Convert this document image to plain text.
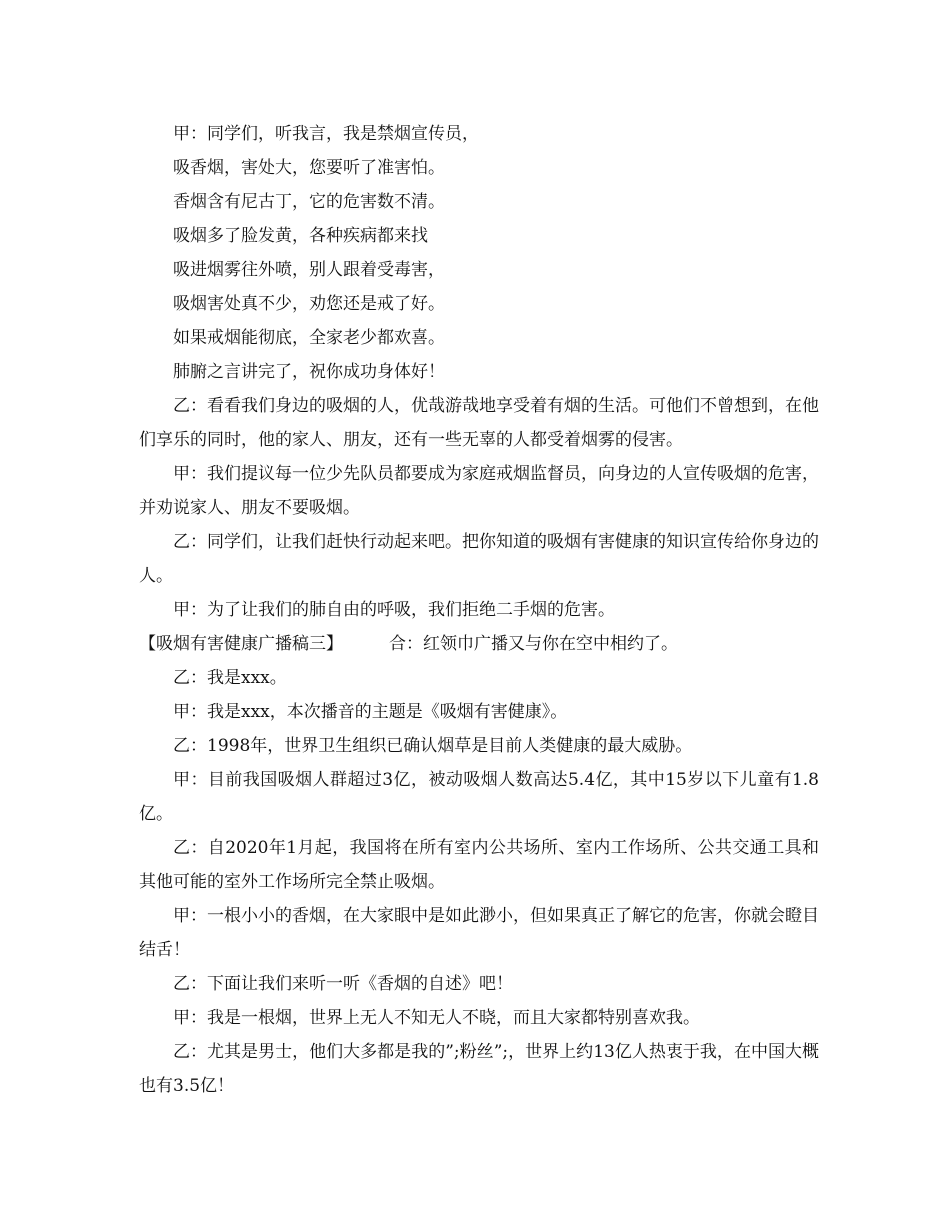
甲：同学们，听我言，我是禁烟宣传员，

吸香烟，害处大，您要听了准害怕。

香烟含有尼古丁，它的危害数不清。

吸烟多了脸发黄，各种疾病都来找

吸进烟雾往外喷，别人跟着受毒害，

吸烟害处真不少，劝您还是戒了好。

如果戒烟能彻底，全家老少都欢喜。

肺腑之言讲完了，祝你成功身体好！

乙：看看我们身边的吸烟的人，优哉游哉地享受着有烟的生活。可他们不曾想到，在他们享乐的同时，他的家人、朋友，还有一些无辜的人都受着烟雾的侵害。

甲：我们提议每一位少先队员都要成为家庭戒烟监督员，向身边的人宣传吸烟的危害，并劝说家人、朋友不要吸烟。

乙：同学们，让我们赶快行动起来吧。把你知道的吸烟有害健康的知识宣传给你身边的人。

甲：为了让我们的肺自由的呼吸，我们拒绝二手烟的危害。

【吸烟有害健康广播稿三】	合：红领巾广播又与你在空中相约了。

乙：我是xxx。

甲：我是xxx，本次播音的主题是《吸烟有害健康》。

乙：1998年，世界卫生组织已确认烟草是目前人类健康的最大威胁。

甲：目前我国吸烟人群超过3亿，被动吸烟人数高达5.4亿，其中15岁以下儿童有1.8亿。

乙：自2020年1月起，我国将在所有室内公共场所、室内工作场所、公共交通工具和其他可能的室外工作场所完全禁止吸烟。

甲：一根小小的香烟，在大家眼中是如此渺小，但如果真正了解它的危害，你就会瞪目结舌！

乙：下面让我们来听一听《香烟的自述》吧！

甲：我是一根烟，世界上无人不知无人不晓，而且大家都特别喜欢我。

乙：尤其是男士，他们大多都是我的”;粉丝”;，世界上约13亿人热衷于我，在中国大概也有3.5亿！
